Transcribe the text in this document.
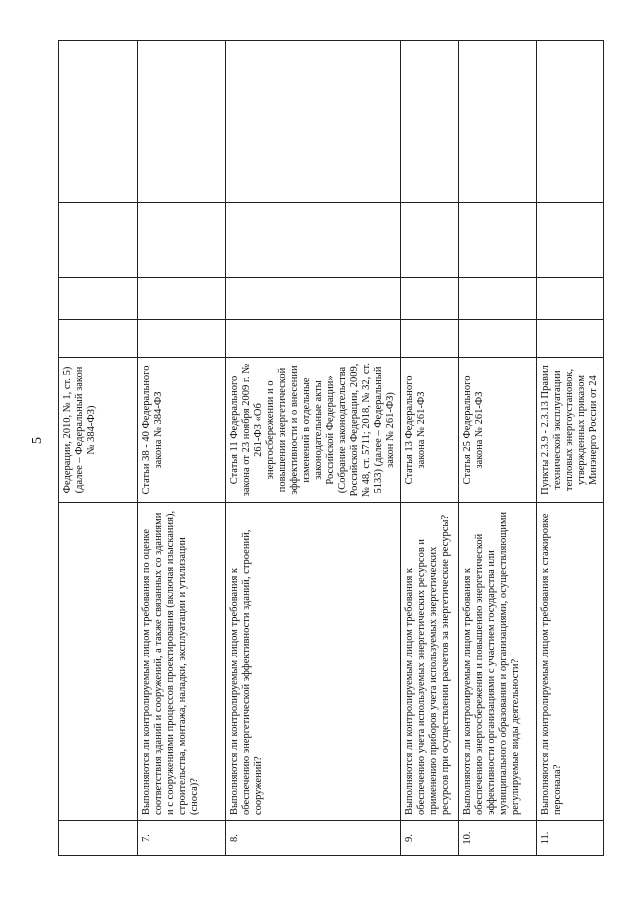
5
		Федерации, 2010, № 1, ст. 5) (далее – Федеральный закон № 384-ФЗ)				
7.	Выполняются ли контролируемым лицом требования по оценке соответствия зданий и сооружений, а также связанных со зданиями и с сооружениями процессов проектирования (включая изыскания), строительства, монтажа, наладки, эксплуатации и утилизации (сноса)?	Статьи 38 - 40 Федерального закона № 384-ФЗ				
8.	Выполняются ли контролируемым лицом требования к обеспечению энергетической эффективности зданий, строений, сооружений?	Статья 11 Федерального закона от 23 ноября 2009 г. № 261-ФЗ «Об энергосбережении и о повышении энергетической эффективности и о внесении изменений в отдельные законодательные акты Российской Федерации» (Собрание законодательства Российской Федерации, 2009, № 48, ст. 5711; 2018, № 32, ст. 5133) (далее – Федеральный закон № 261-ФЗ)				
9.	Выполняются ли контролируемым лицом требования к обеспечению учета используемых энергетических ресурсов и применению приборов учета используемых энергетических ресурсов при осуществлении расчетов за энергетические ресурсы?	Статья 13 Федерального закона № 261-ФЗ				
10.	Выполняются ли контролируемым лицом требования к обеспечению энергосбережения и повышению энергетической эффективности организациями с участием государства или муниципального образования и организациями, осуществляющими регулируемые виды деятельности?	Статья 25 Федерального закона № 261-ФЗ				
11.	Выполняются ли контролируемым лицом требования к стажировке персонала?	Пункты 2.3.9 - 2.3.13 Правил технической эксплуатации тепловых энергоустановок, утвержденных приказом Минэнерго России от 24				
